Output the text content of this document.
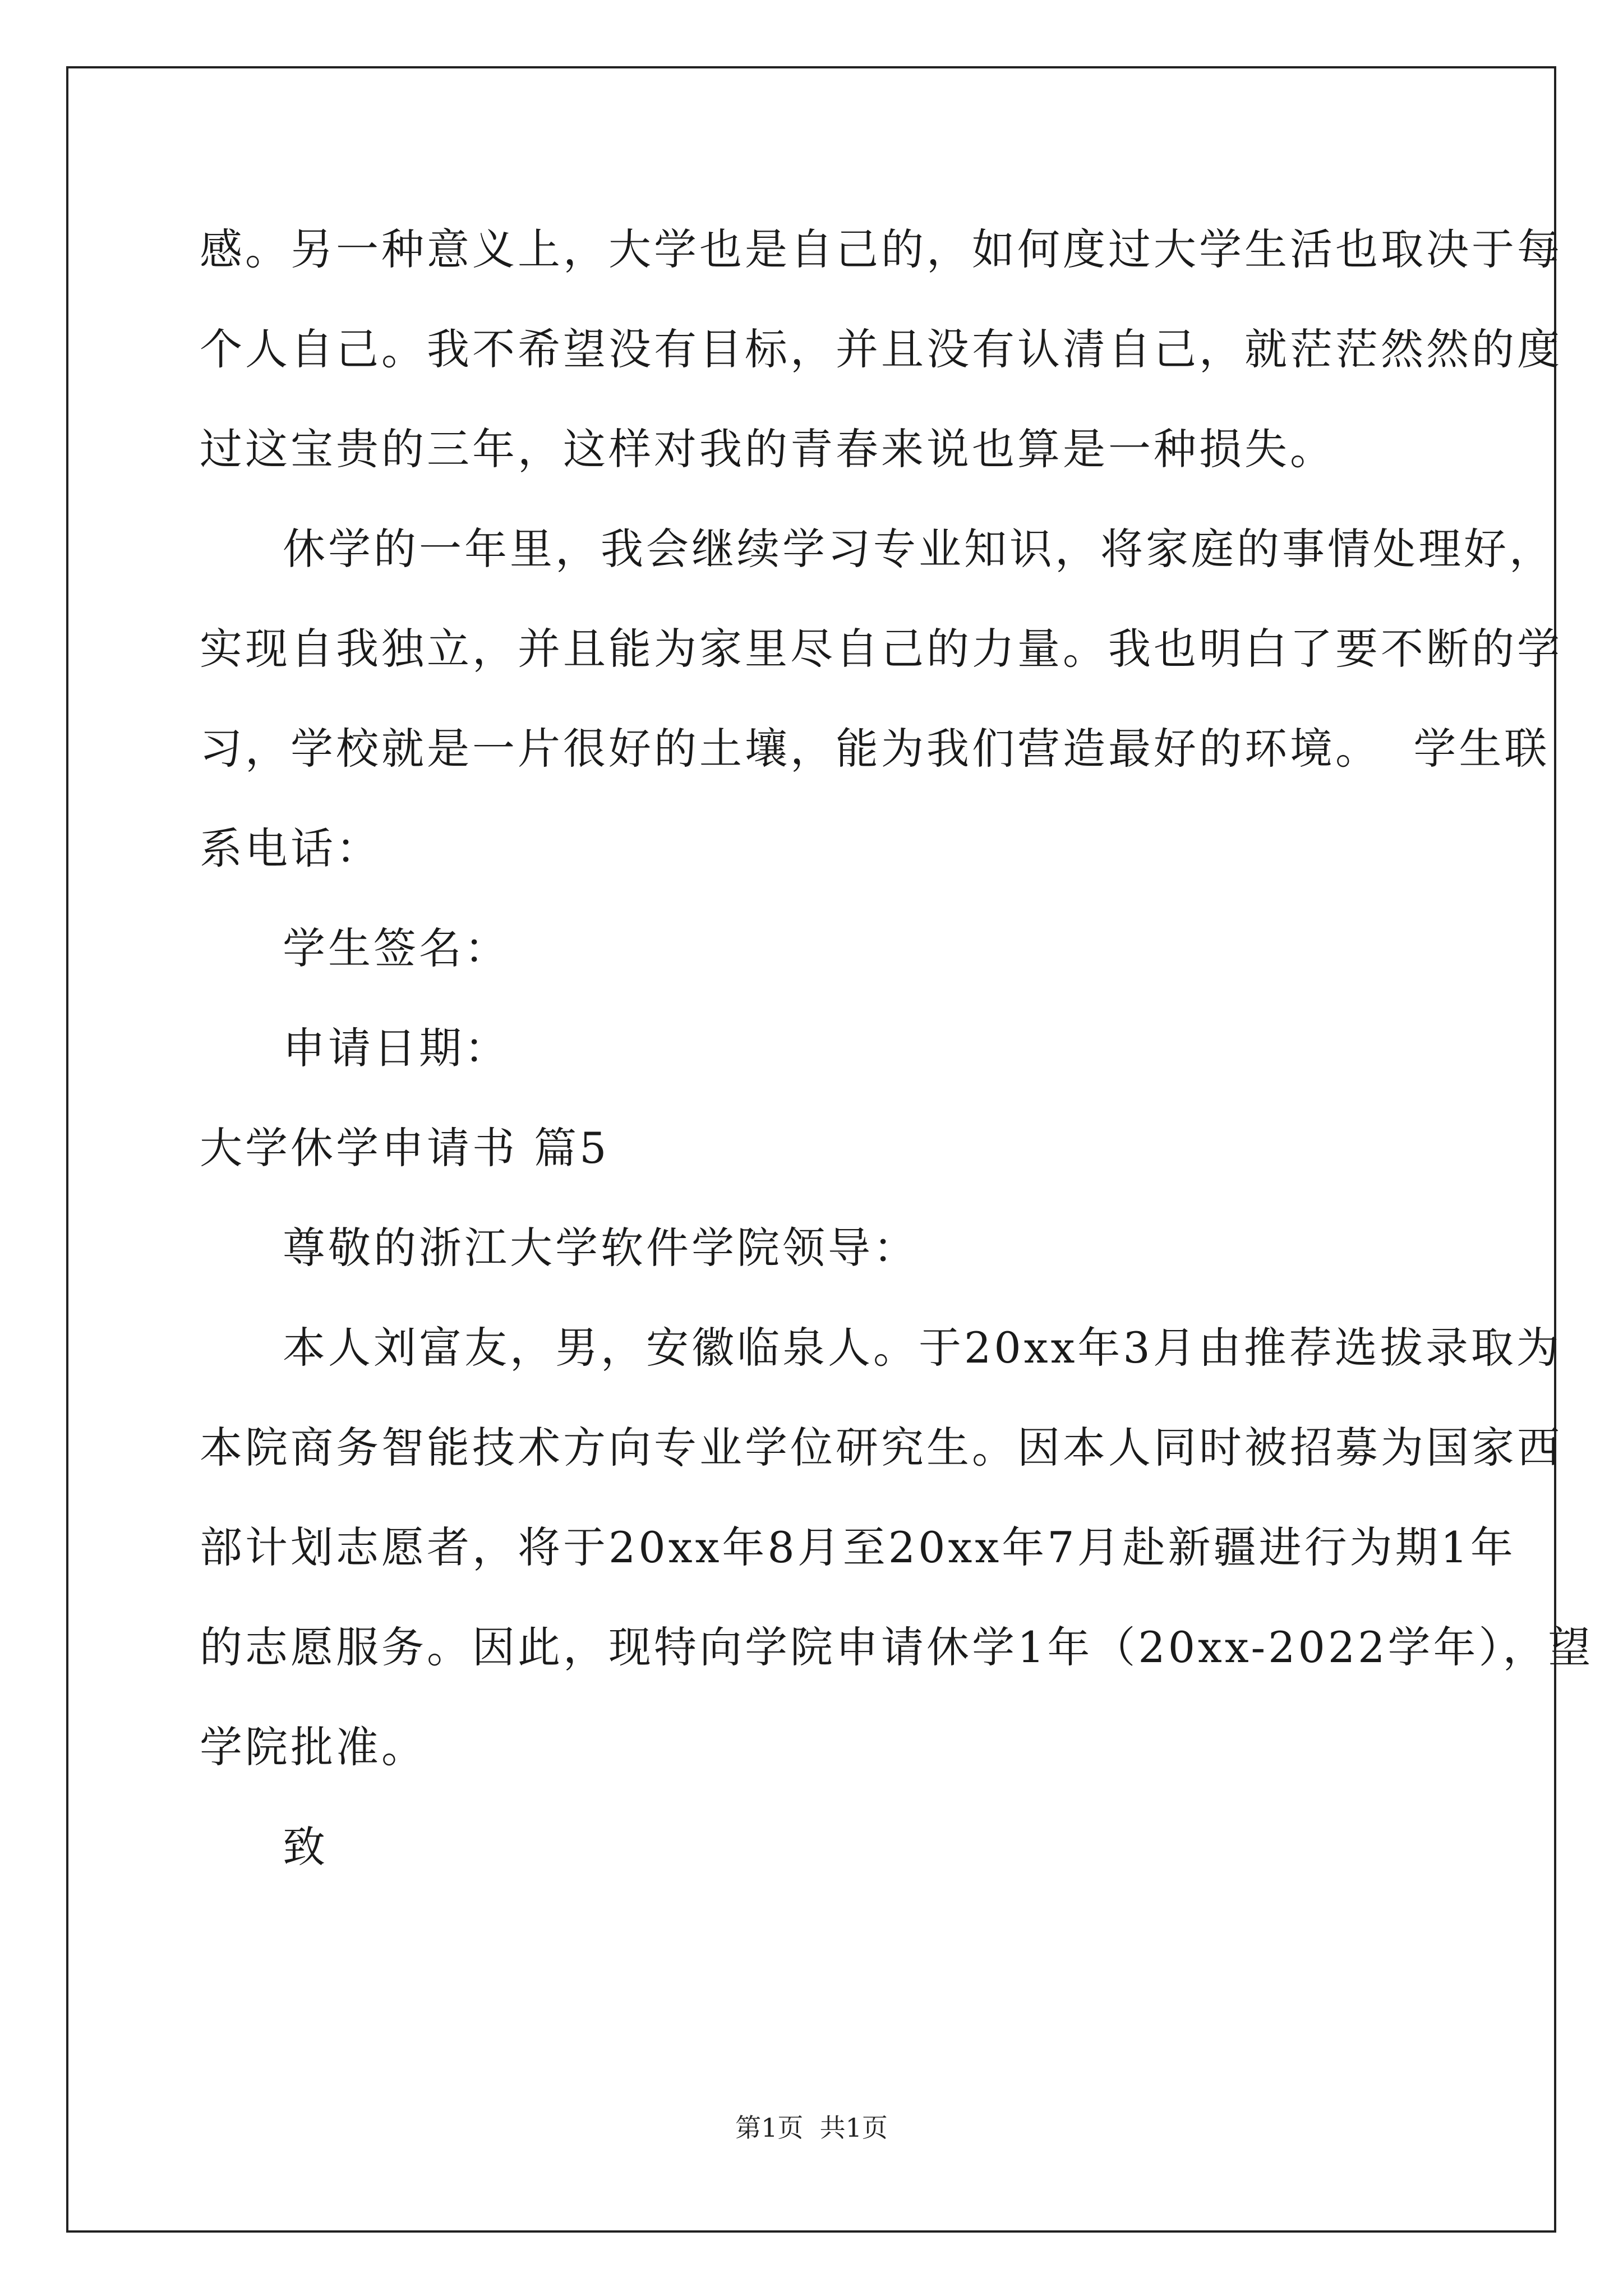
感。另一种意义上，大学也是自己的，如何度过大学生活也取决于每
个人自己。我不希望没有目标，并且没有认清自己，就茫茫然然的度
过这宝贵的三年，这样对我的青春来说也算是一种损失。
休学的一年里，我会继续学习专业知识，将家庭的事情处理好，
实现自我独立，并且能为家里尽自己的力量。我也明白了要不断的学
习，学校就是一片很好的土壤，能为我们营造最好的环境。  学生联
系电话：
学生签名：
申请日期：
大学休学申请书 篇5
尊敬的浙江大学软件学院领导：
本人刘富友，男，安徽临泉人。于20xx年3月由推荐选拔录取为
本院商务智能技术方向专业学位研究生。因本人同时被招募为国家西
部计划志愿者，将于20xx年8月至20xx年7月赴新疆进行为期1年
的志愿服务。因此，现特向学院申请休学1年（20xx-2022学年），望
学院批准。
致
第1页  共1页
